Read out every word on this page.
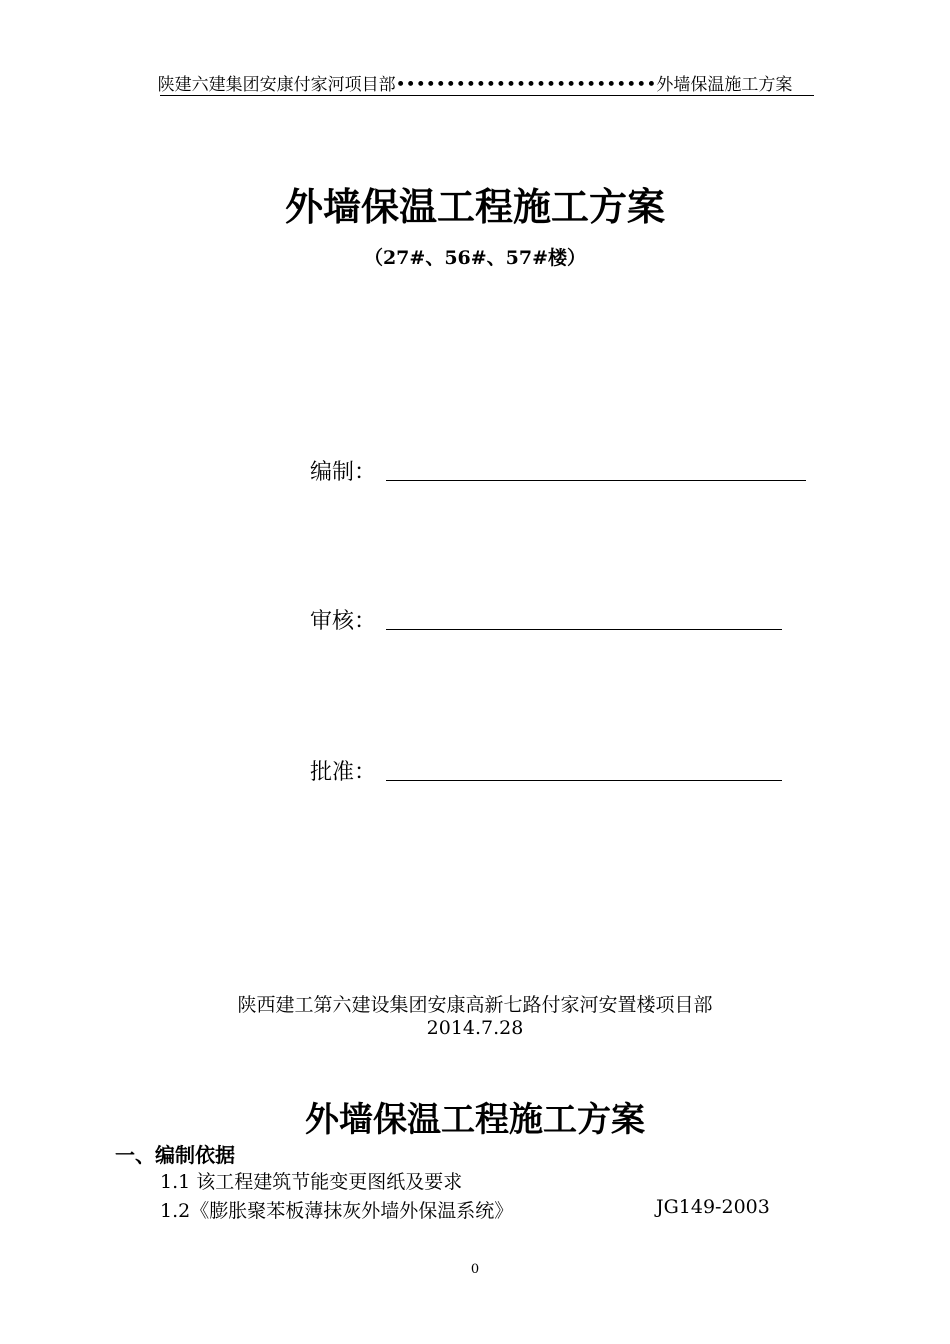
陕建六建集团安康付家河项目部••••••••••••••••••••••••••外墙保温施工方案
外墙保温工程施工方案
（27#、56#、57#楼）
编制：
审核：
批准：
陕西建工第六建设集团安康高新七路付家河安置楼项目部
2014.7.28
外墙保温工程施工方案
一、编制依据
1.1 该工程建筑节能变更图纸及要求
1.2《膨胀聚苯板薄抹灰外墙外保温系统》	JG149-2003
0
